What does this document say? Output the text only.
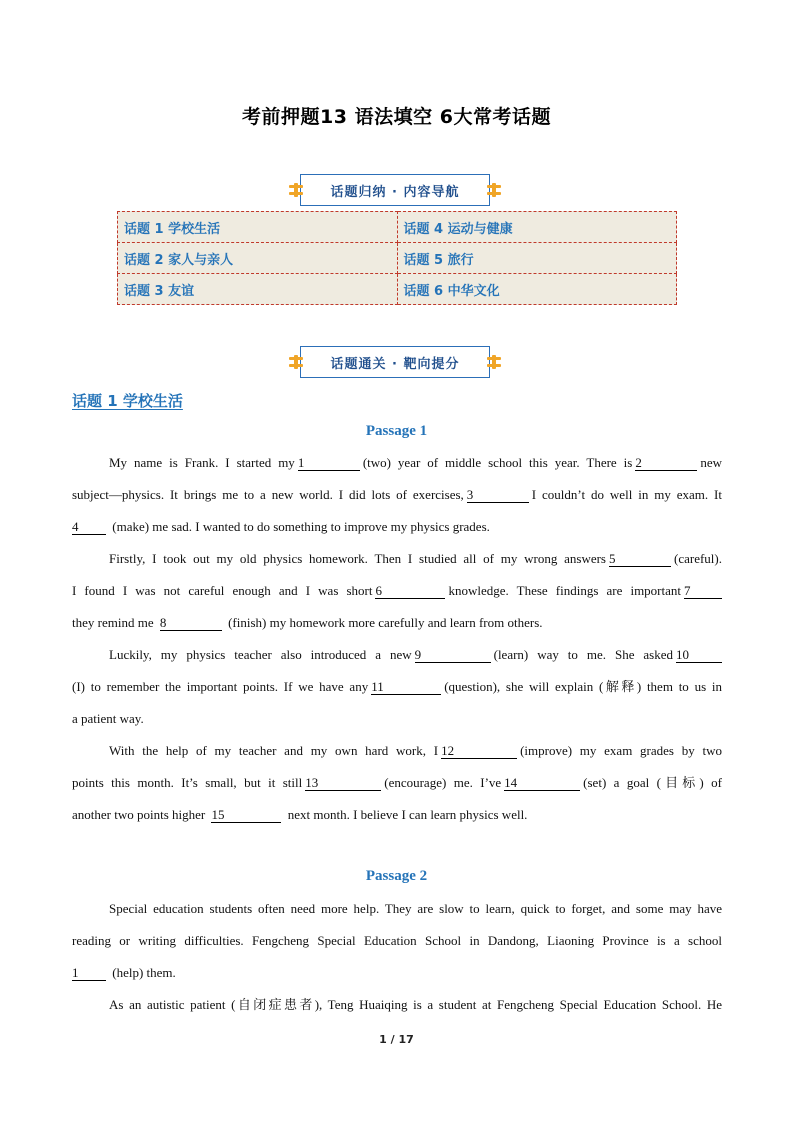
考前押题13 语法填空 6大常考话题
话题归纳 · 内容导航
话题 1 学校生活	话题 4 运动与健康
话题 2 家人与亲人	话题 5 旅行
话题 3 友谊	话题 6 中华文化
话题通关 · 靶向提分
话题 1 学校生活
Passage 1
My name is Frank. I started my 1	(two) year of middle school this year. There is 2	new
subject—physics. It brings me to a new world. I did lots of exercises, 3	I couldn’t do well in my exam. It
4	(make) me sad. I wanted to do something to improve my physics grades.
Firstly, I took out my old physics homework. Then I studied all of my wrong answers 5	(careful).
I found I was not careful enough and I was short 6	knowledge. These findings are important 7
they remind me 8	(finish) my homework more carefully and learn from others.
Luckily, my physics teacher also introduced a new 9	(learn) way to me. She asked 10
(I) to remember the important points. If we have any 11	(question), she will explain (解释) them to us in
a patient way.
With the help of my teacher and my own hard work, I 12	(improve) my exam grades by two
points this month. It’s small, but it still 13	(encourage) me. I’ve 14	(set) a goal (目标) of
another two points higher 15	next month. I believe I can learn physics well.
Passage 2
Special education students often need more help. They are slow to learn, quick to forget, and some may have
reading or writing difficulties. Fengcheng Special Education School in Dandong, Liaoning Province is a school
1	(help) them.
As an autistic patient (自闭症患者), Teng Huaiqing is a student at Fengcheng Special Education School. He
1 / 17
